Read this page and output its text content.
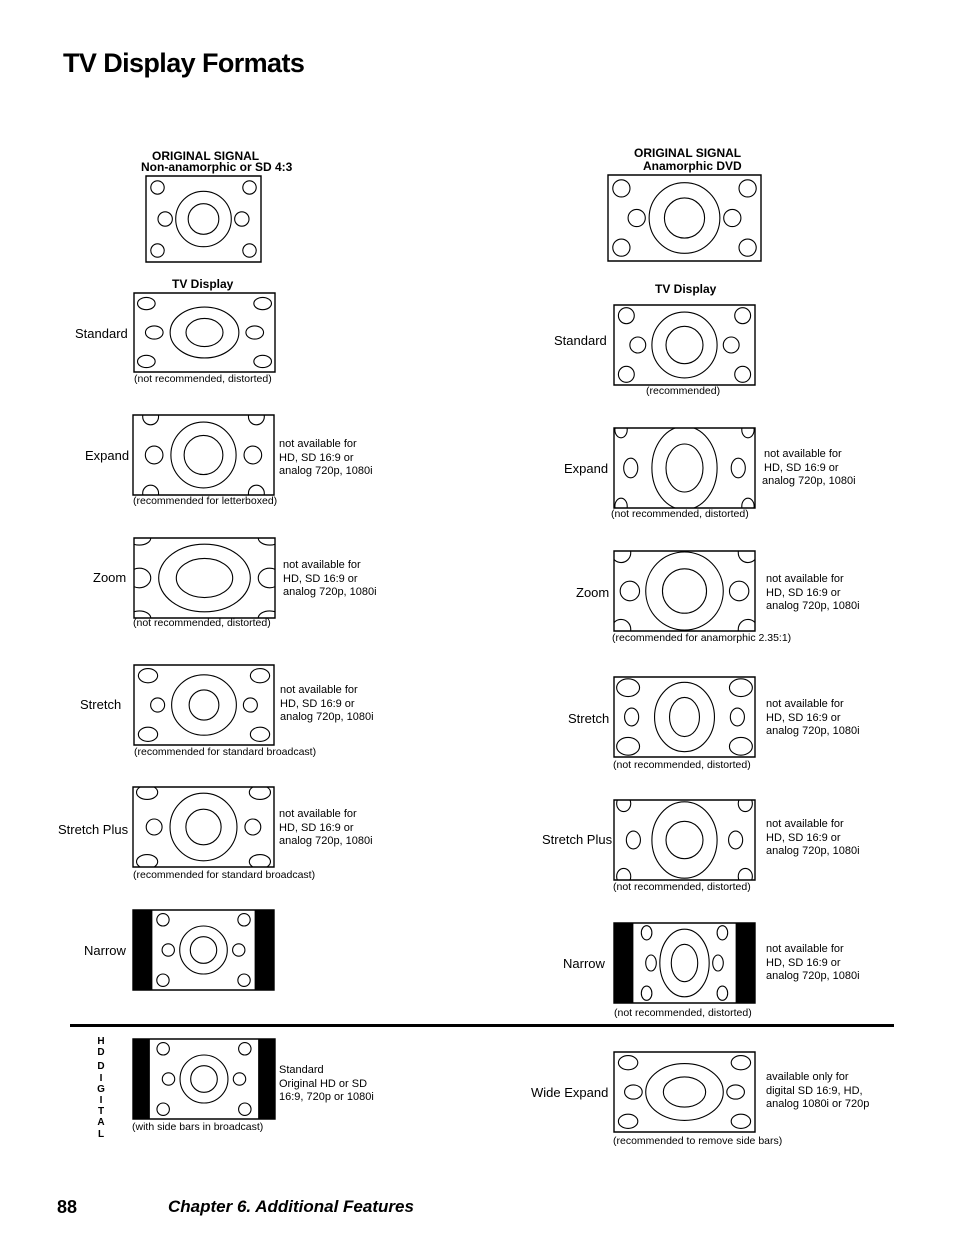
TV Display Formats
ORIGINAL SIGNAL
Non-anamorphic or SD 4:3
TV Display
Standard
(not recommended, distorted)
Expand
(recommended for letterboxed)
not available for
HD, SD 16:9 or
analog 720p, 1080i
Zoom
(not recommended, distorted)
not available for
HD, SD 16:9 or
analog 720p, 1080i
Stretch
(recommended for standard broadcast)
not available for
HD, SD 16:9 or
analog 720p, 1080i
Stretch Plus
(recommended for standard broadcast)
not available for
HD, SD 16:9 or
analog 720p, 1080i
Narrow
(with side bars in broadcast)
Standard
Original HD or SD
16:9, 720p or 1080i
ORIGINAL SIGNAL
Anamorphic DVD
TV Display
Standard
(recommended)
Expand
(not recommended, distorted)
not available for
HD, SD 16:9 or
analog 720p, 1080i
Zoom
(recommended for anamorphic 2.35:1)
not available for
HD, SD 16:9 or
analog 720p, 1080i
Stretch
(not recommended, distorted)
not available for
HD, SD 16:9 or
analog 720p, 1080i
Stretch Plus
(not recommended, distorted)
not available for
HD, SD 16:9 or
analog 720p, 1080i
Narrow
(not recommended, distorted)
not available for
HD, SD 16:9 or
analog 720p, 1080i
Wide Expand
(recommended to remove side bars)
available only for
digital SD 16:9, HD,
analog 1080i or 720p
H
D
D
I
G
I
T
A
L
88	Chapter 6. Additional Features
